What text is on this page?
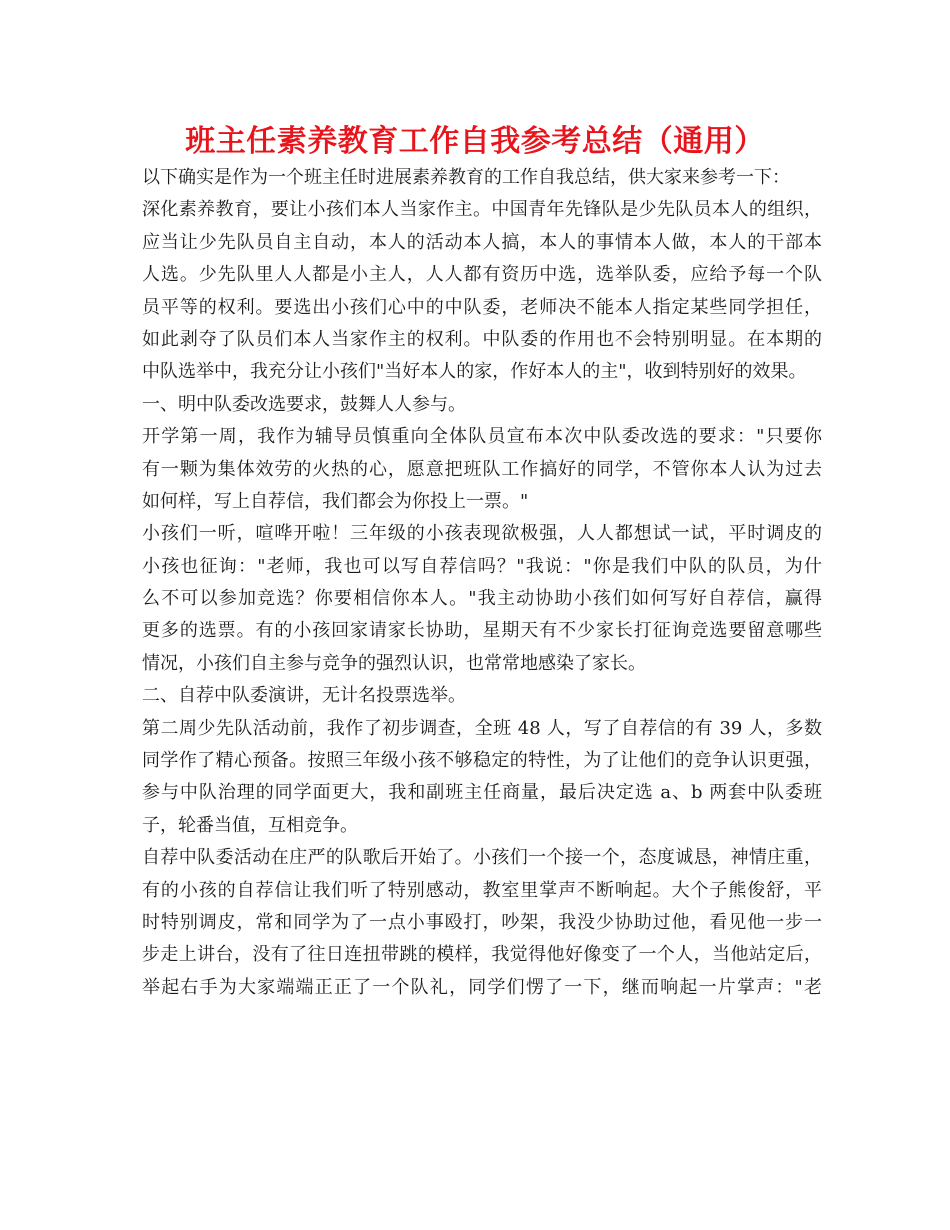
班主任素养教育工作自我参考总结（通用）
以下确实是作为一个班主任时进展素养教育的工作自我总结，供大家来参考一下：
深化素养教育，要让小孩们本人当家作主。中国青年先锋队是少先队员本人的组织，
应当让少先队员自主自动，本人的活动本人搞，本人的事情本人做，本人的干部本
人选。少先队里人人都是小主人，人人都有资历中选，选举队委，应给予每一个队
员平等的权利。要选出小孩们心中的中队委，老师决不能本人指定某些同学担任，
如此剥夺了队员们本人当家作主的权利。中队委的作用也不会特别明显。在本期的
中队选举中，我充分让小孩们"当好本人的家，作好本人的主"，收到特别好的效果。
一、明中队委改选要求，鼓舞人人参与。
开学第一周，我作为辅导员慎重向全体队员宣布本次中队委改选的要求："只要你
有一颗为集体效劳的火热的心，愿意把班队工作搞好的同学，不管你本人认为过去
如何样，写上自荐信，我们都会为你投上一票。"
小孩们一听，喧哗开啦！三年级的小孩表现欲极强，人人都想试一试，平时调皮的
小孩也征询："老师，我也可以写自荐信吗？"我说："你是我们中队的队员，为什
么不可以参加竞选？你要相信你本人。"我主动协助小孩们如何写好自荐信，赢得
更多的选票。有的小孩回家请家长协助，星期天有不少家长打征询竞选要留意哪些
情况，小孩们自主参与竞争的强烈认识，也常常地感染了家长。
二、自荐中队委演讲，无计名投票选举。
第二周少先队活动前，我作了初步调查，全班 48 人，写了自荐信的有 39 人，多数
同学作了精心预备。按照三年级小孩不够稳定的特性，为了让他们的竞争认识更强，
参与中队治理的同学面更大，我和副班主任商量，最后决定选 a、b 两套中队委班
子，轮番当值，互相竞争。
自荐中队委活动在庄严的队歌后开始了。小孩们一个接一个，态度诚恳，神情庄重，
有的小孩的自荐信让我们听了特别感动，教室里掌声不断响起。大个子熊俊舒，平
时特别调皮，常和同学为了一点小事殴打，吵架，我没少协助过他，看见他一步一
步走上讲台，没有了往日连扭带跳的模样，我觉得他好像变了一个人，当他站定后，
举起右手为大家端端正正了一个队礼，同学们愣了一下，继而响起一片掌声："老
